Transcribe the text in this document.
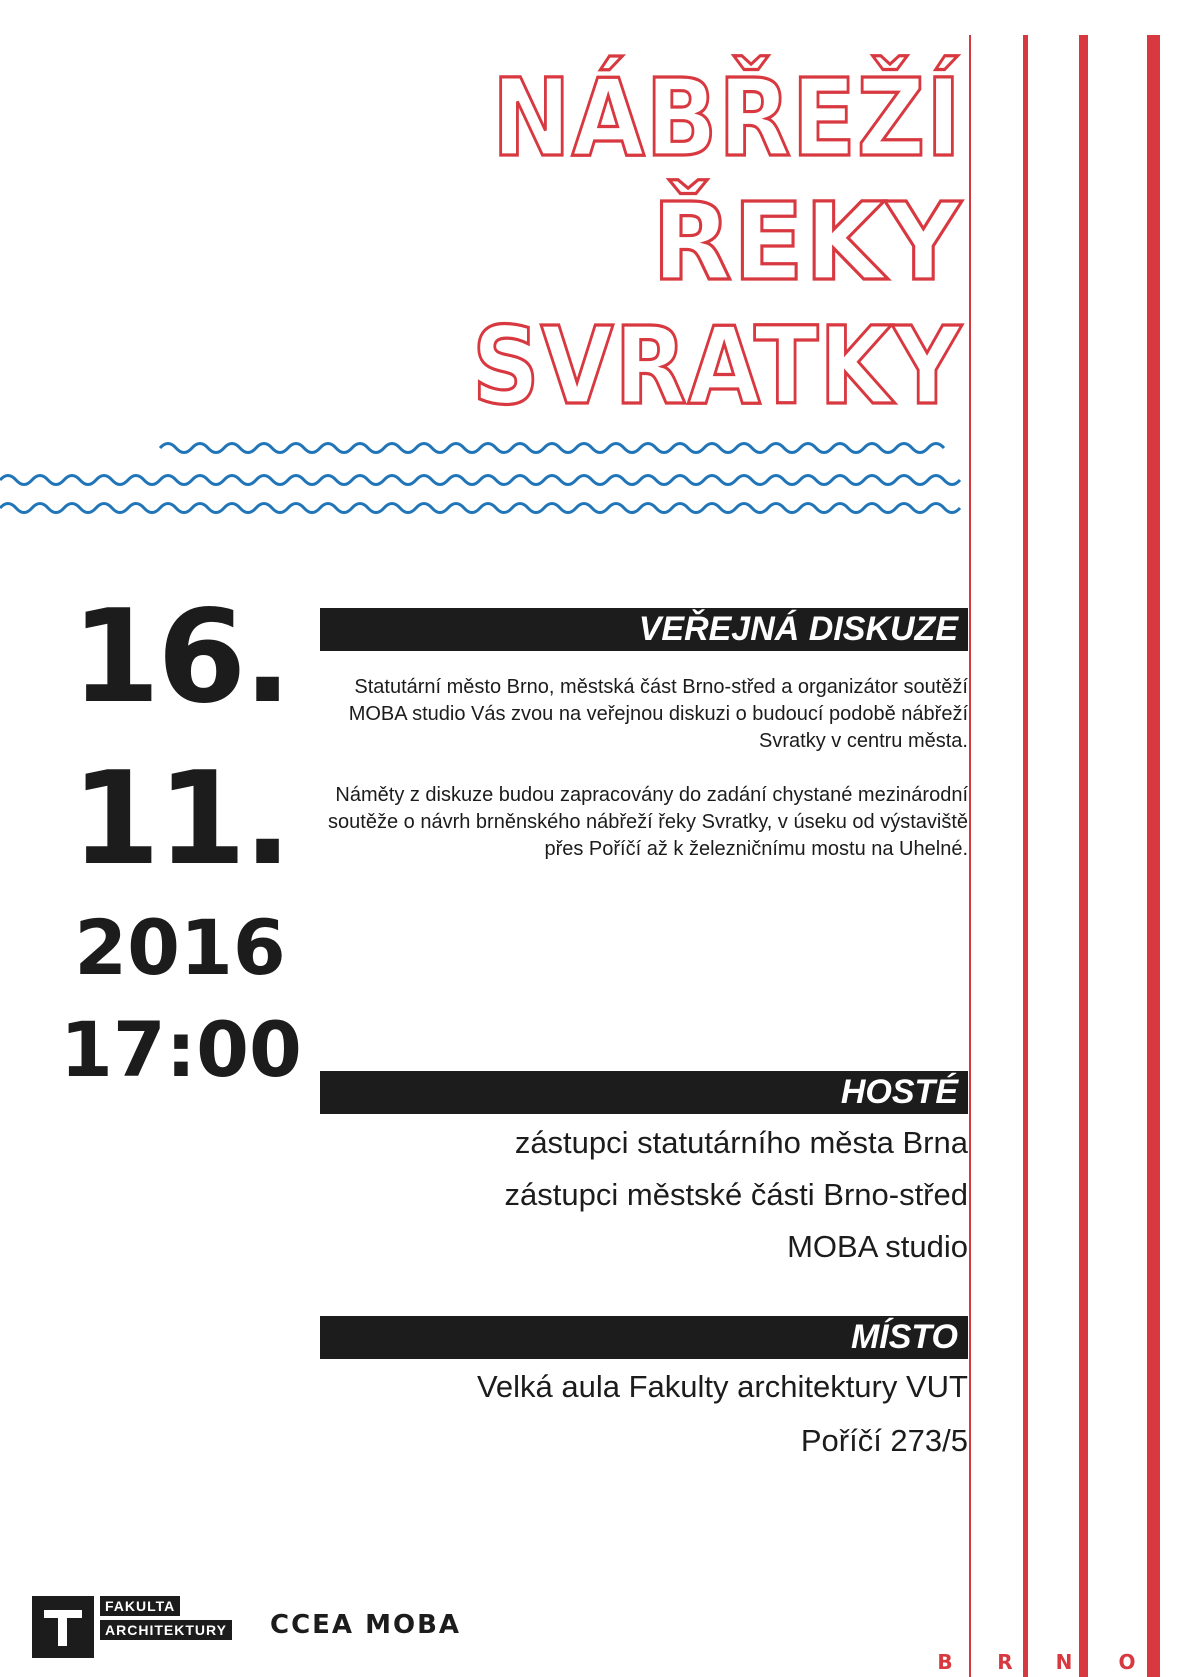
NÁBŘEŽÍ
ŘEKY
SVRATKY
16.
11.
2016
17:00
VEŘEJNÁ DISKUZE
Statutární město Brno, městská část Brno-střed a organizátor soutěží MOBA studio Vás zvou na veřejnou diskuzi o budoucí podobě nábřeží Svratky v centru města.
Náměty z diskuze budou zapracovány do zadání chystané mezinárodní soutěže o návrh brněnského nábřeží řeky Svratky, v úseku od výstaviště přes Poříčí až k železničnímu mostu na Uhelné.
HOSTÉ
zástupci statutárního města Brna
zástupci městské části Brno-střed
MOBA studio
MÍSTO
Velká aula Fakulty architektury VUT
Poříčí 273/5
FAKULTA
ARCHITEKTURY CCEA MOBA
B	R	N	O
